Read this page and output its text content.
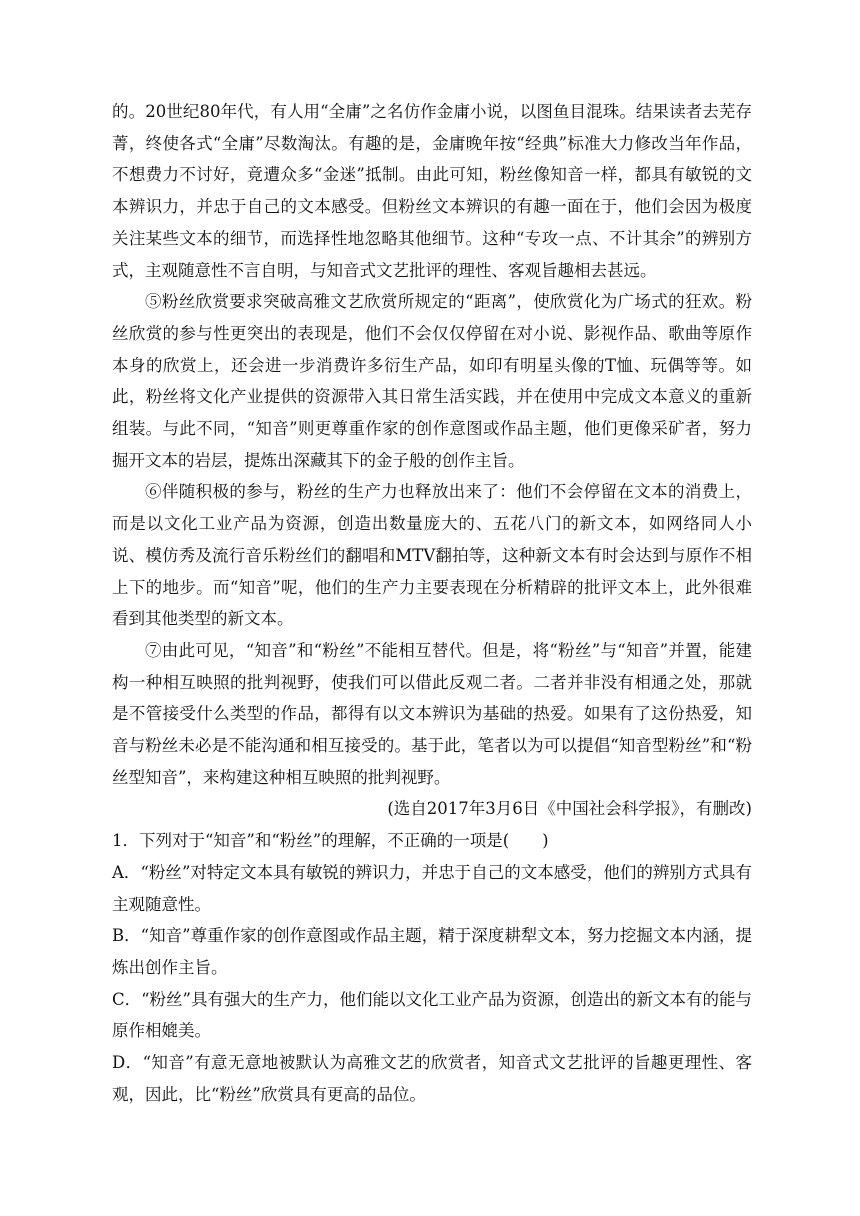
的。20世纪80年代，有人用“全庸”之名仿作金庸小说，以图鱼目混珠。结果读者去芜存菁，终使各式“全庸”尽数淘汰。有趣的是，金庸晚年按“经典”标准大力修改当年作品，不想费力不讨好，竟遭众多“金迷”抵制。由此可知，粉丝像知音一样，都具有敏锐的文本辨识力，并忠于自己的文本感受。但粉丝文本辨识的有趣一面在于，他们会因为极度关注某些文本的细节，而选择性地忽略其他细节。这种“专攻一点、不计其余”的辨别方式，主观随意性不言自明，与知音式文艺批评的理性、客观旨趣相去甚远。

⑤粉丝欣赏要求突破高雅文艺欣赏所规定的“距离”，使欣赏化为广场式的狂欢。粉丝欣赏的参与性更突出的表现是，他们不会仅仅停留在对小说、影视作品、歌曲等原作本身的欣赏上，还会进一步消费许多衍生产品，如印有明星头像的T恤、玩偶等等。如此，粉丝将文化产业提供的资源带入其日常生活实践，并在使用中完成文本意义的重新组装。与此不同，“知音”则更尊重作家的创作意图或作品主题，他们更像采矿者，努力掘开文本的岩层，提炼出深藏其下的金子般的创作主旨。

⑥伴随积极的参与，粉丝的生产力也释放出来了：他们不会停留在文本的消费上，而是以文化工业产品为资源，创造出数量庞大的、五花八门的新文本，如网络同人小说、模仿秀及流行音乐粉丝们的翻唱和MTV翻拍等，这种新文本有时会达到与原作不相上下的地步。而“知音”呢，他们的生产力主要表现在分析精辟的批评文本上，此外很难看到其他类型的新文本。

⑦由此可见，“知音”和“粉丝”不能相互替代。但是，将“粉丝”与“知音”并置，能建构一种相互映照的批判视野，使我们可以借此反观二者。二者并非没有相通之处，那就是不管接受什么类型的作品，都得有以文本辨识为基础的热爱。如果有了这份热爱，知音与粉丝未必是不能沟通和相互接受的。基于此，笔者以为可以提倡“知音型粉丝”和“粉丝型知音”，来构建这种相互映照的批判视野。

(选自2017年3月6日《中国社会科学报》，有删改)

1．下列对于“知音”和“粉丝”的理解，不正确的一项是(　　)

A．“粉丝”对特定文本具有敏锐的辨识力，并忠于自己的文本感受，他们的辨别方式具有主观随意性。

B．“知音”尊重作家的创作意图或作品主题，精于深度耕犁文本，努力挖掘文本内涵，提炼出创作主旨。

C．“粉丝”具有强大的生产力，他们能以文化工业产品为资源，创造出的新文本有的能与原作相媲美。

D．“知音”有意无意地被默认为高雅文艺的欣赏者，知音式文艺批评的旨趣更理性、客观，因此，比“粉丝”欣赏具有更高的品位。
